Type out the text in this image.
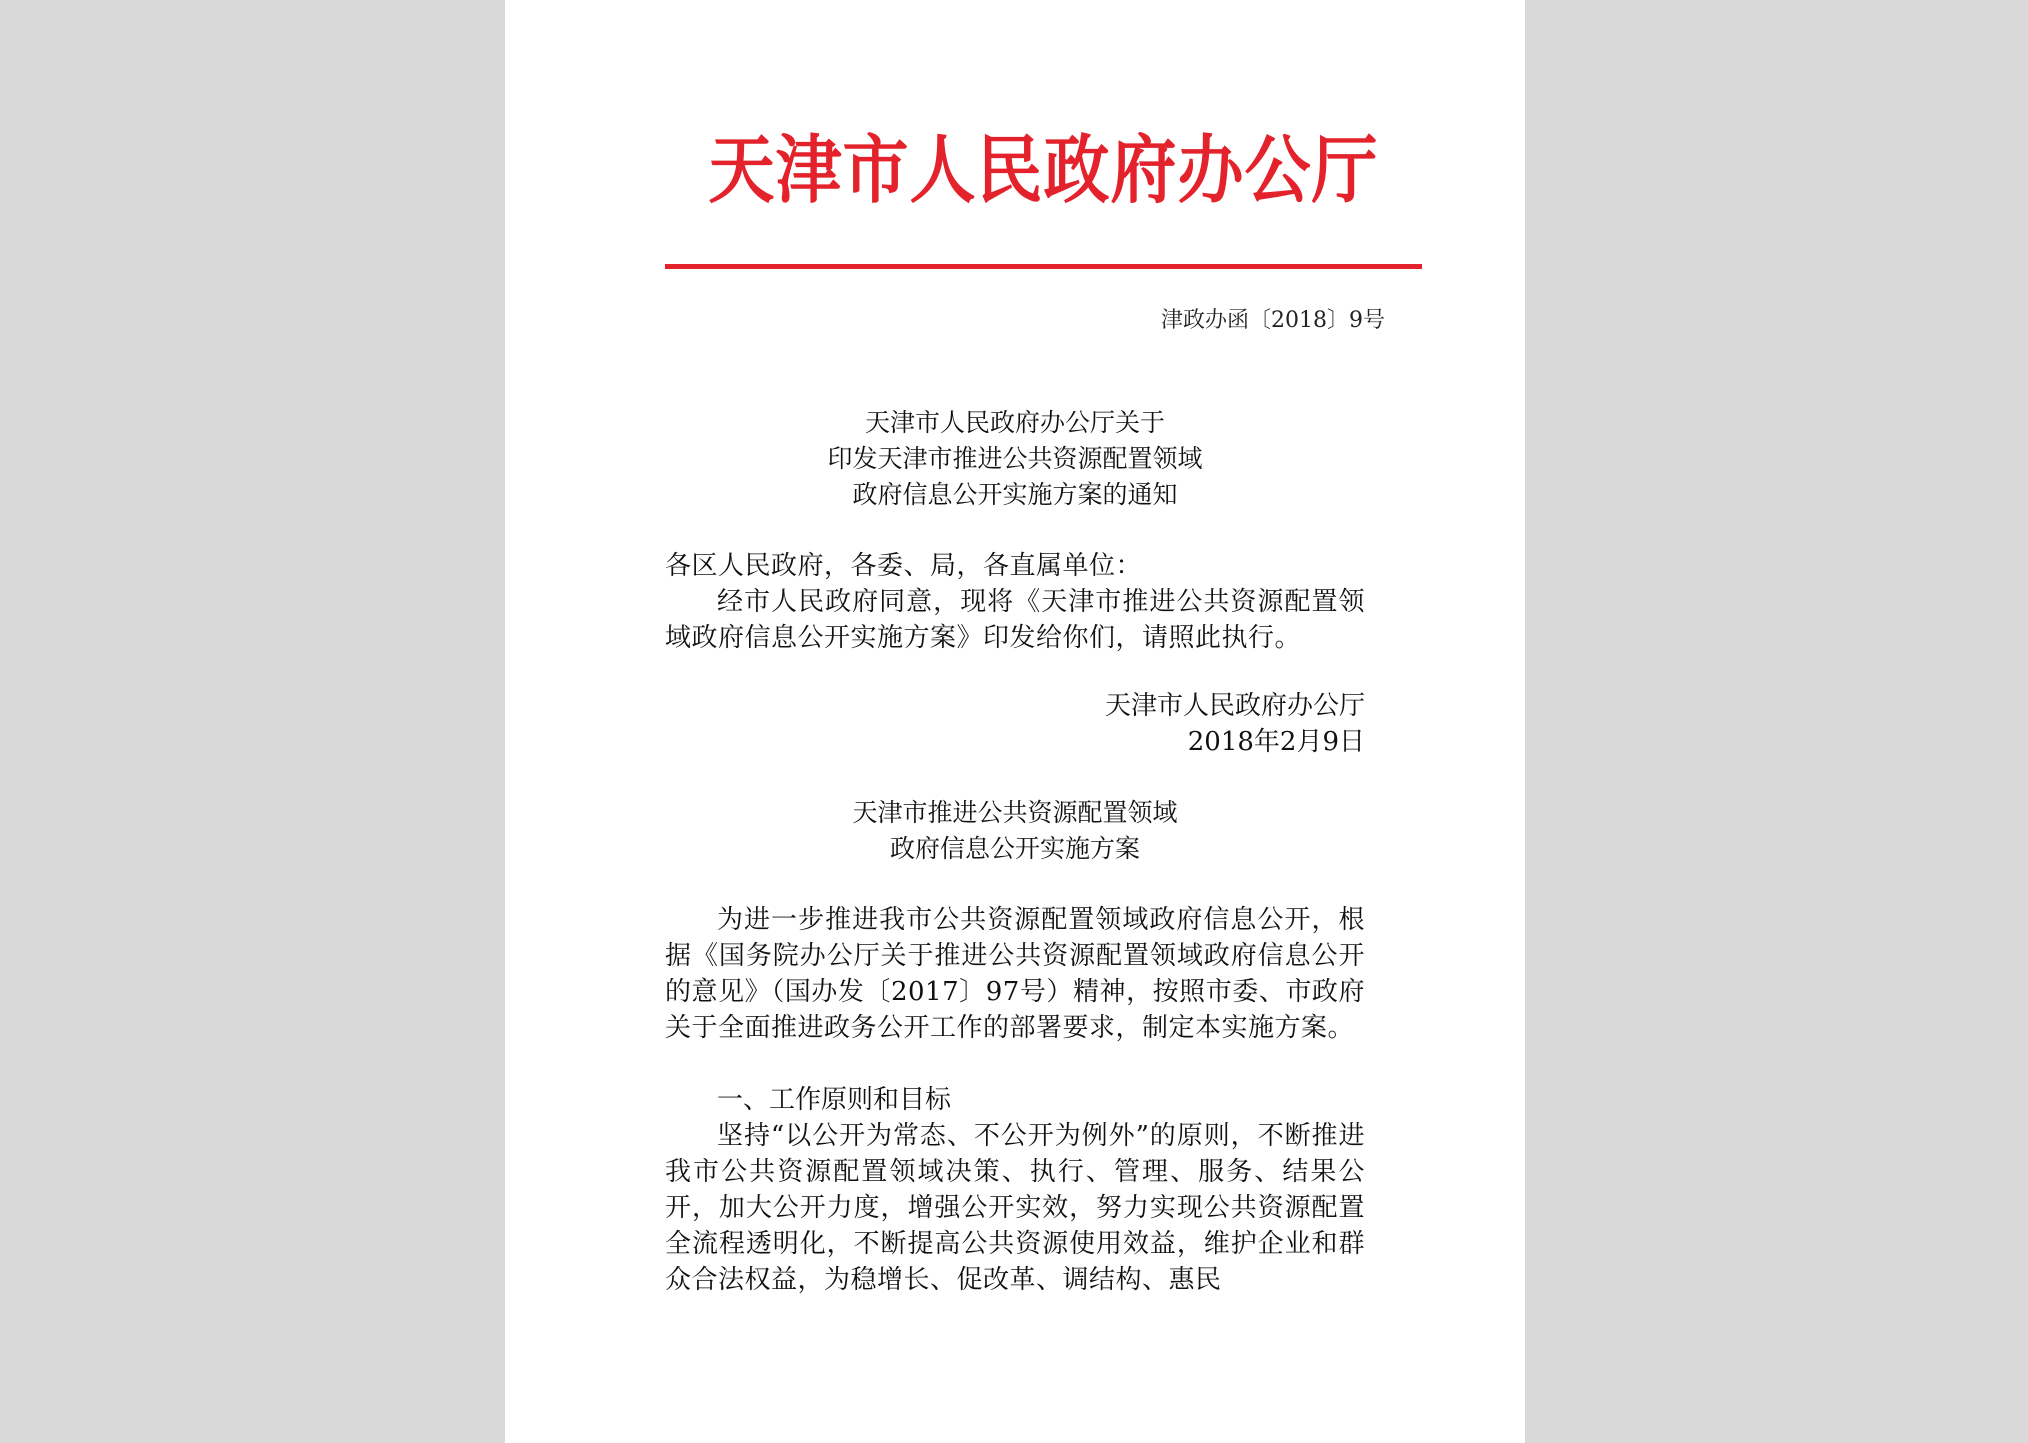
天津市人民政府办公厅
津政办函〔2018〕9号
天津市人民政府办公厅关于
印发天津市推进公共资源配置领域
政府信息公开实施方案的通知
各区人民政府，各委、局，各直属单位：
经市人民政府同意，现将《天津市推进公共资源配置领域政府信息公开实施方案》印发给你们，请照此执行。
天津市人民政府办公厅
2018年2月9日
天津市推进公共资源配置领域
政府信息公开实施方案
为进一步推进我市公共资源配置领域政府信息公开，根据《国务院办公厅关于推进公共资源配置领域政府信息公开的意见》（国办发〔2017〕97号）精神，按照市委、市政府关于全面推进政务公开工作的部署要求，制定本实施方案。
一、工作原则和目标
坚持“以公开为常态、不公开为例外”的原则，不断推进我市公共资源配置领域决策、执行、管理、服务、结果公开，加大公开力度，增强公开实效，努力实现公共资源配置全流程透明化，不断提高公共资源使用效益，维护企业和群众合法权益，为稳增长、促改革、调结构、惠民
